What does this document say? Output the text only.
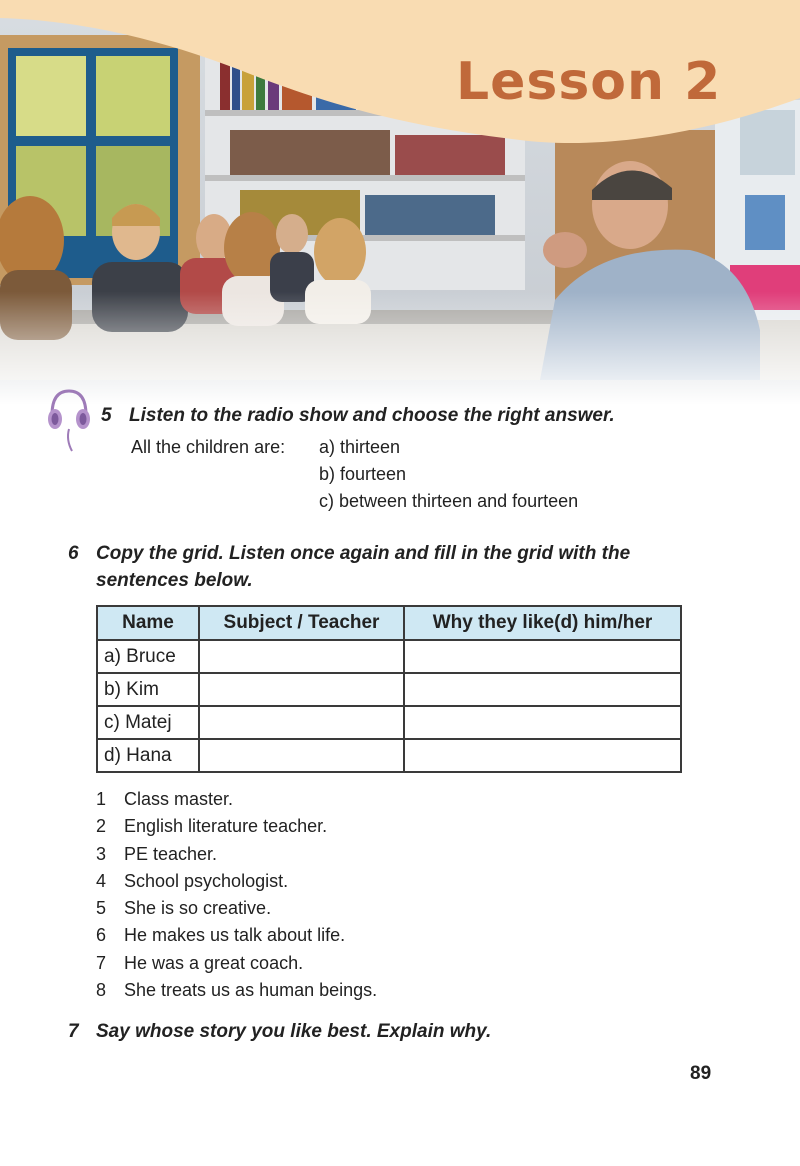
Lesson 2
5 Listen to the radio show and choose the right answer.
All the children are: a) thirteen
b) fourteen
c) between thirteen and fourteen
6 Copy the grid. Listen once again and fill in the grid with the
sentences below.
Name	Subject / Teacher	Why they like(d) him/her
a) Bruce		
b) Kim		
c) Matej		
d) Hana		
1 Class master.
2 English literature teacher.
3 PE teacher.
4 School psychologist.
5 She is so creative.
6 He makes us talk about life.
7 He was a great coach.
8 She treats us as human beings.
7 Say whose story you like best. Explain why.
89
